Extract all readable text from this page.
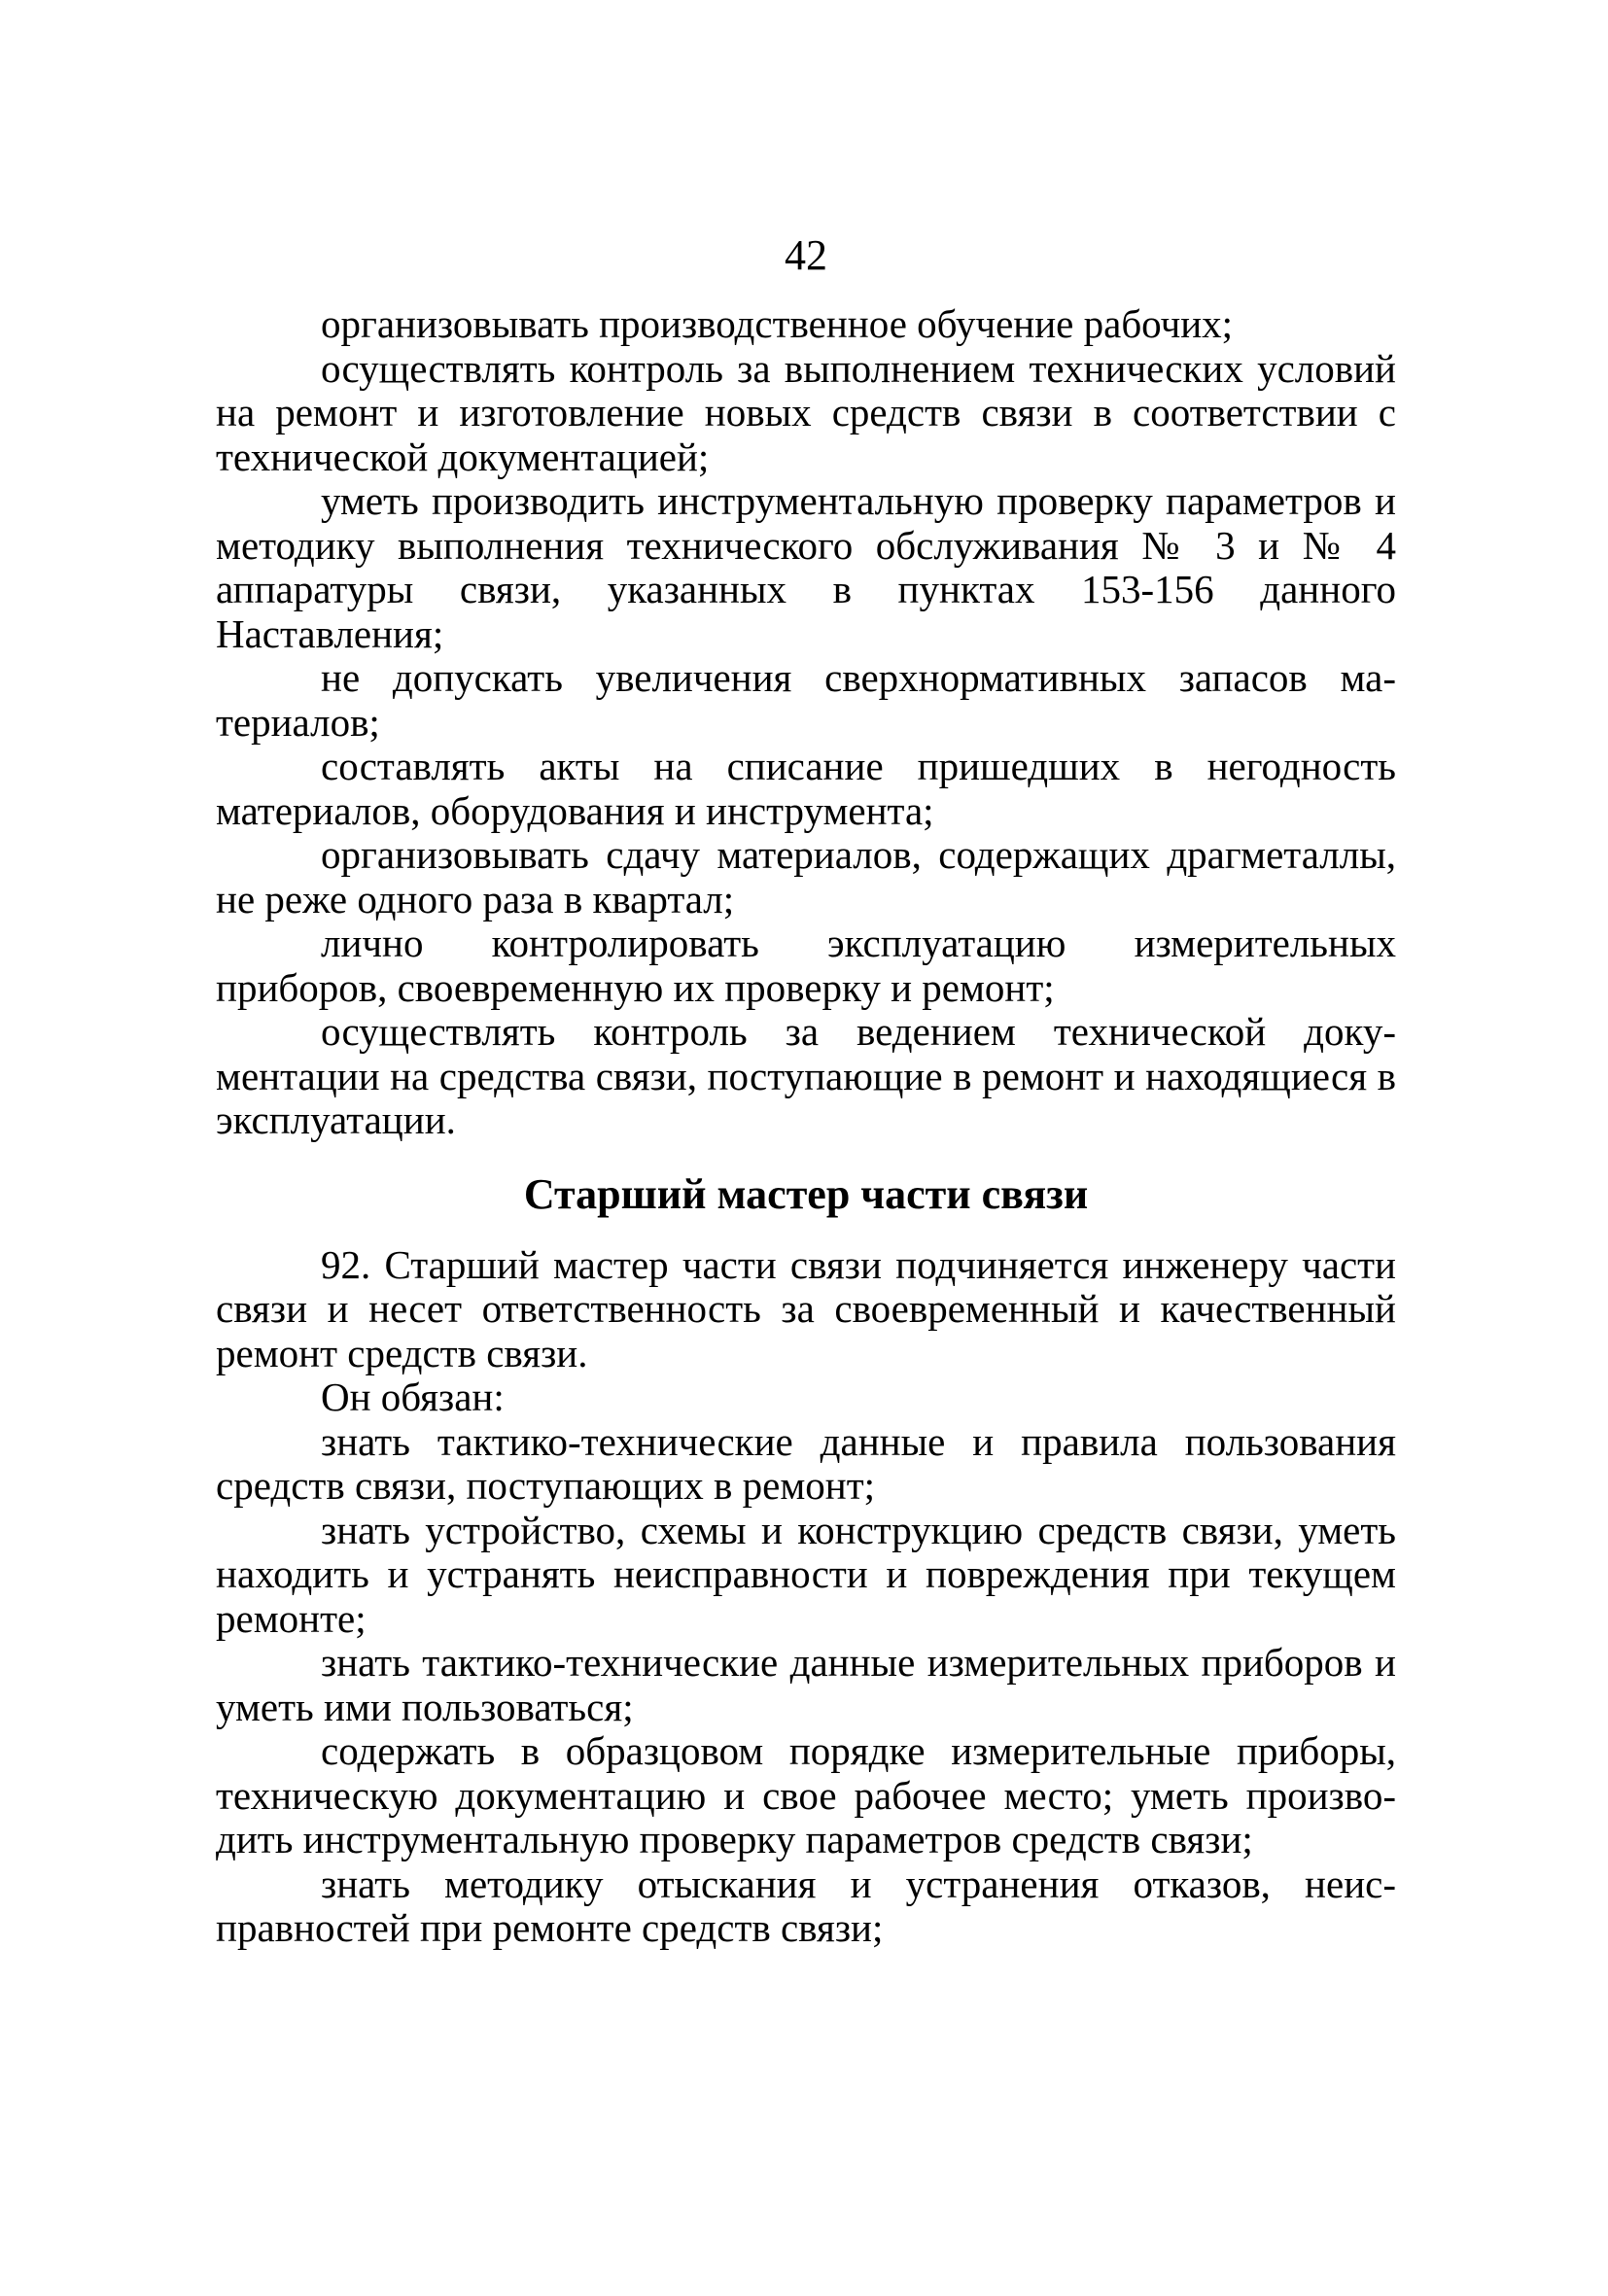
42

организовывать производственное обучение рабочих;

осуществлять контроль за выполнением технических условий на ремонт и изготовление новых средств связи в соответствии с технической документацией;

уметь производить инструментальную проверку параметров и методику выполнения технического обслуживания № 3 и № 4 аппаратуры связи, указанных в пунктах 153-156 данного Наставления;

не допускать увеличения сверхнормативных запасов материалов;

составлять акты на списание пришедших в негодность материалов, оборудования и инструмента;

организовывать сдачу материалов, содержащих драгметаллы, не реже одного раза в квартал;

лично контролировать эксплуатацию измерительных приборов, своевременную их проверку и ремонт;

осуществлять контроль за ведением технической документации на средства связи, поступающие в ремонт и находящиеся в эксплуатации.

Старший мастер части связи

92. Старший мастер части связи подчиняется инженеру части связи и несет ответственность за своевременный и качественный ремонт средств связи.

Он обязан:

знать тактико-технические данные и правила пользования средств связи, поступающих в ремонт;

знать устройство, схемы и конструкцию средств связи, уметь находить и устранять неисправности и повреждения при текущем ремонте;

знать тактико-технические данные измерительных приборов и уметь ими пользоваться;

содержать в образцовом порядке измерительные приборы, техническую документацию и свое рабочее место; уметь производить инструментальную проверку параметров средств связи;

знать методику отыскания и устранения отказов, неисправностей при ремонте средств связи;
